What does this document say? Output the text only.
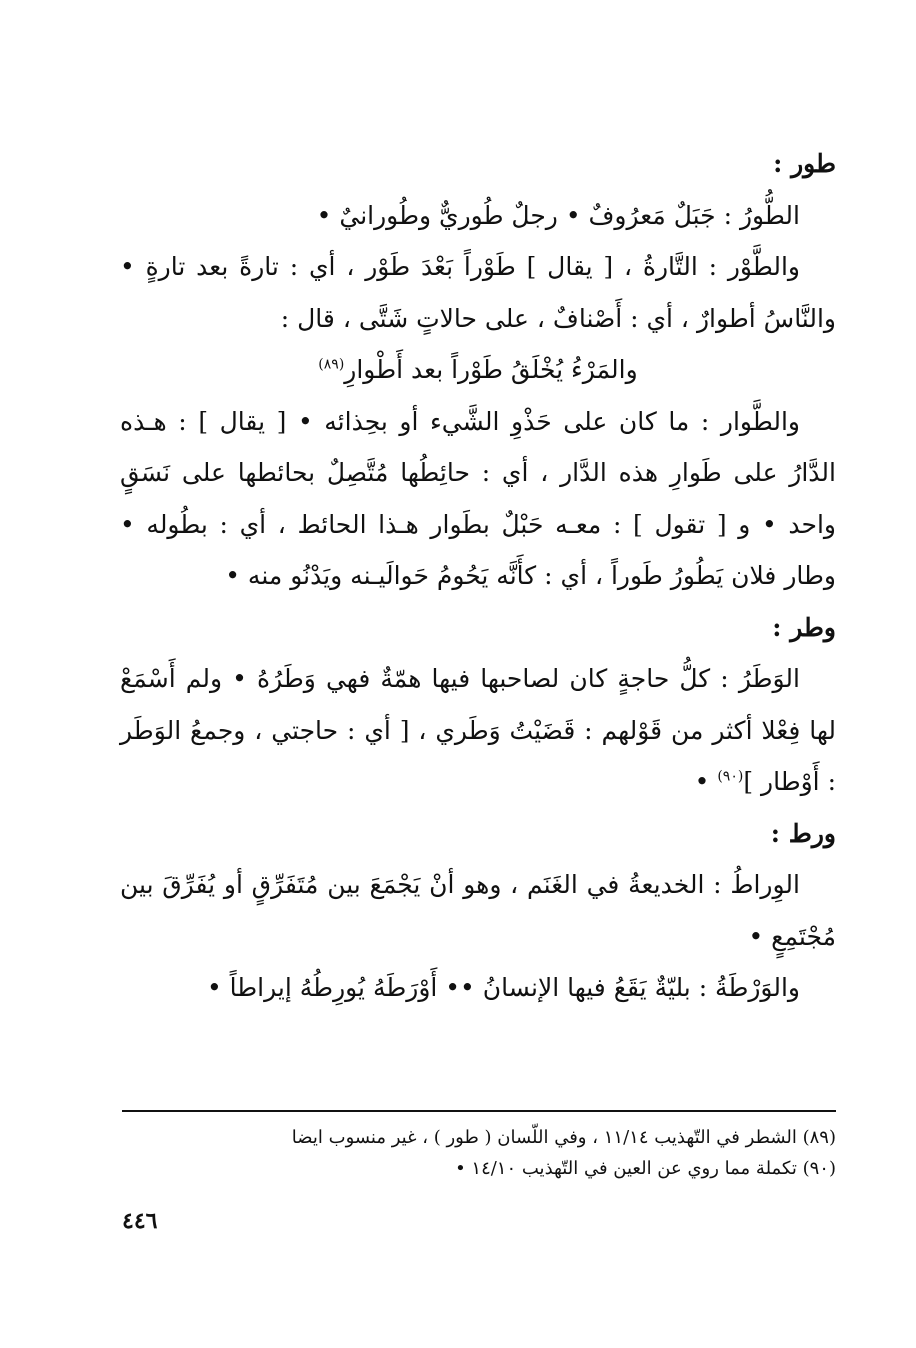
طور :

الطُّورُ : جَبَلٌ مَعرُوفٌ • رجلٌ طُوريٌّ وطُورانيٌ •

والطَّوْر : التَّارةُ ، [ يقال ] طَوْراً بَعْدَ طَوْر ، أي : تارةً بعد تارةٍ • والنَّاسُ أطوارٌ ، أي : أَصْنافٌ ، على حالاتٍ شَتَّى ، قال :

والمَرْءُ يُخْلَقُ طَوْراً بعد أَطْوارِ$^{(٨٩)}$

والطَّوار : ما كان على حَذْوِ الشَّيء أو بحِذائه • [ يقال ] : هـذه الدَّارُ على طَوارِ هذه الدَّار ، أي : حائِطُها مُتَّصِلٌ بحائطها على نَسَقٍ واحد • و [ تقول ] : معـه حَبْلٌ بطَوار هـذا الحائط ، أي : بطُوله • وطار فلان يَطُورُ طَوراً ، أي : كأَنَّه يَحُومُ حَوالَيـنه ويَدْنُو منه •

وطر :

الوَطَرُ : كلُّ حاجةٍ كان لصاحبها فيها همّةٌ فهي وَطَرُهُ • ولم أَسْمَعْ لها فِعْلا أكثر من قَوْلهم : قَضَيْتُ وَطَري ، [ أي : حاجتي ، وجمعُ الوَطَر : أَوْطار ]$^{(٩٠)}$ •

ورط :

الوِراطُ : الخديعةُ في الغَنَم ، وهو أنْ يَجْمَعَ بين مُتَفَرِّقٍ أو يُفَرِّقَ بين مُجْتَمِعٍ •

والوَرْطَةُ : بليّةٌ يَقَعُ فيها الإنسانُ •• أَوْرَطَهُ يُورِطُهُ إيراطاً •

(٨٩) الشطر في التّهذيب ١١/١٤ ، وفي اللّسان ( طور ) ، غير منسوب ايضا

(٩٠) تكملة مما روي عن العين في التّهذيب ١٤/١٠ •

٤٤٦
